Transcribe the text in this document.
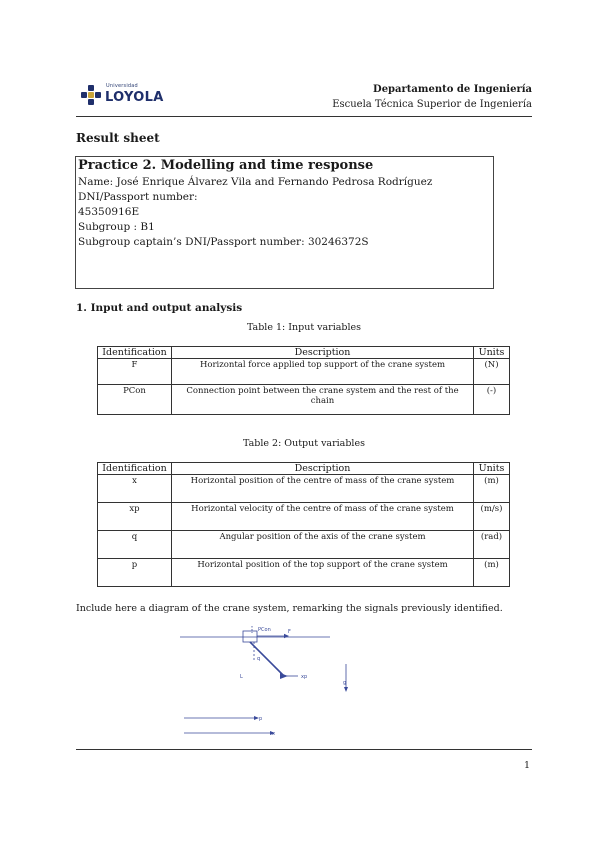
Universidad
LOYOLA
Departamento de Ingeniería
Escuela Técnica Superior de Ingeniería
Result sheet
Practice 2. Modelling and time response
Name: José Enrique Álvarez Vila and Fernando Pedrosa Rodríguez
DNI/Passport number:
45350916E
Subgroup : B1
Subgroup captain’s DNI/Passport number: 30246372S
1. Input and output analysis
Table 1: Input variables
Identification	Description	Units
F	Horizontal force applied top support of the crane system	(N)
PCon	Connection point between the crane system and the rest of the chain	(-)
Table 2: Output variables
Identification	Description	Units
x	Horizontal position of the centre of mass of the crane system	(m)
xp	Horizontal velocity of the centre of mass of the crane system	(m/s)
q	Angular position of the axis of the crane system	(rad)
p	Horizontal position of the top support of the crane system	(m)
Include here a diagram of the crane system, remarking the signals previously identified.
PCon	F
q
L	xp
g
p
x
1
